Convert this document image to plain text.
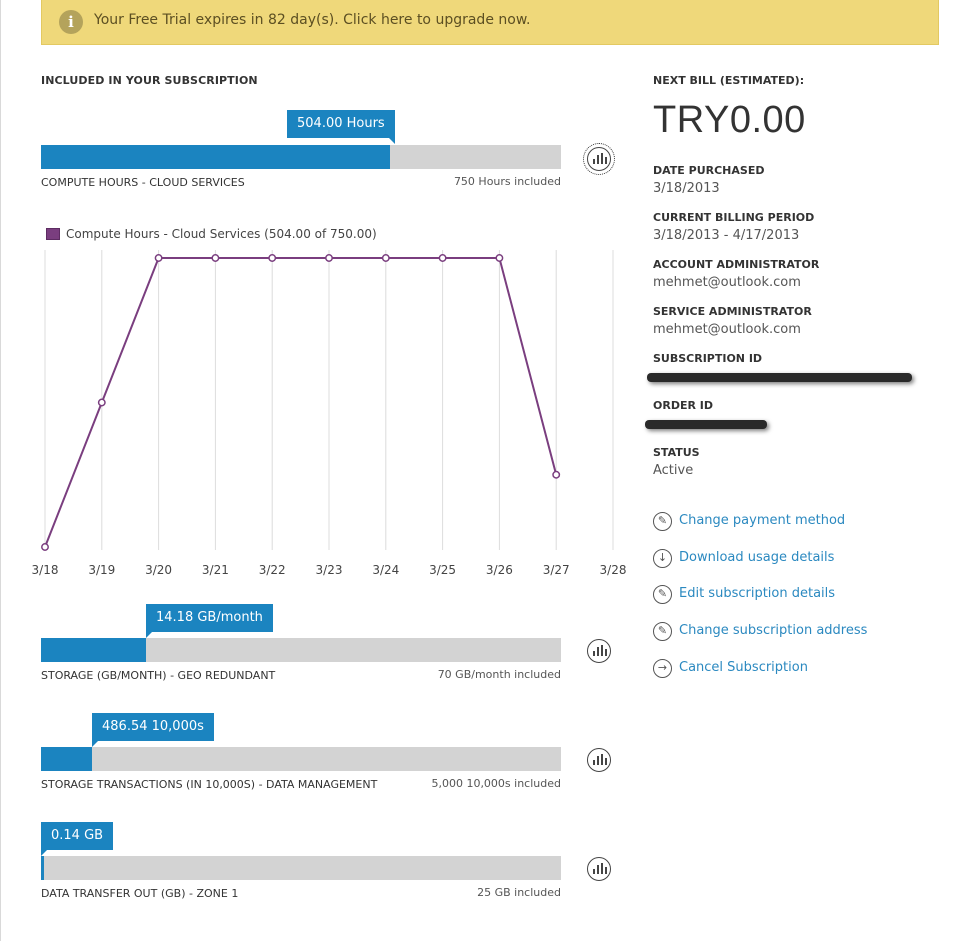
i	Your Free Trial expires in 82 day(s). Click here to upgrade now.
INCLUDED IN YOUR SUBSCRIPTION
504.00 Hours
COMPUTE HOURS - CLOUD SERVICES	750 Hours included
Compute Hours - Cloud Services (504.00 of 750.00)
3/18 3/19 3/20 3/21 3/22 3/23 3/24 3/25 3/26 3/27 3/28
14.18 GB/month
STORAGE (GB/MONTH) - GEO REDUNDANT	70 GB/month included
486.54 10,000s
STORAGE TRANSACTIONS (IN 10,000S) - DATA MANAGEMENT	5,000 10,000s included
0.14 GB
DATA TRANSFER OUT (GB) - ZONE 1	25 GB included
NEXT BILL (ESTIMATED):
TRY0.00
DATE PURCHASED
3/18/2013
CURRENT BILLING PERIOD
3/18/2013 - 4/17/2013
ACCOUNT ADMINISTRATOR
mehmet@outlook.com
SERVICE ADMINISTRATOR
mehmet@outlook.com
SUBSCRIPTION ID
ORDER ID
STATUS
Active
✎ Change payment method
↓ Download usage details
✎ Edit subscription details
✎ Change subscription address
→ Cancel Subscription
